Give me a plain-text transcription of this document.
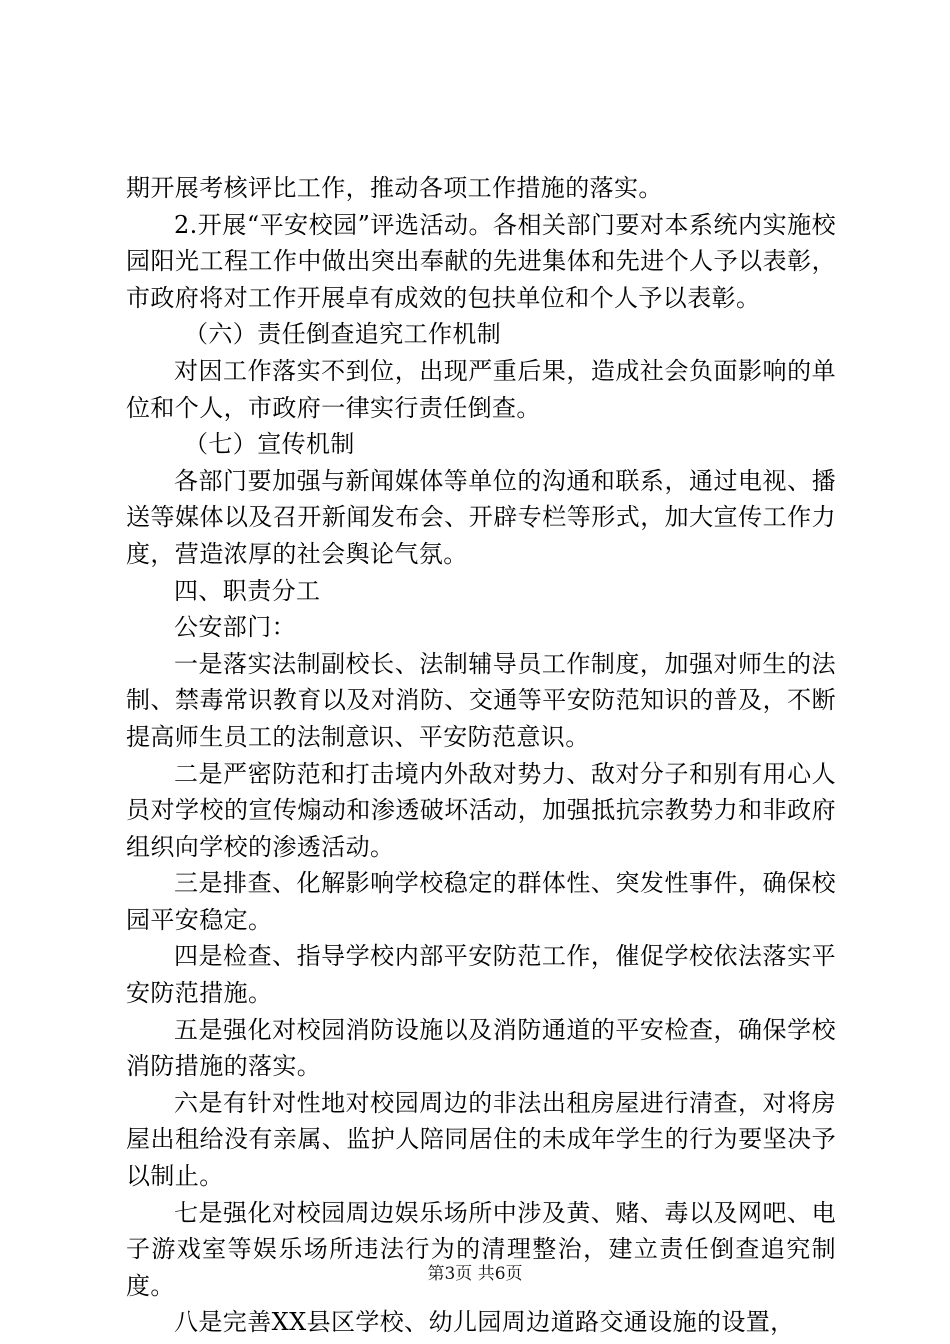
期开展考核评比工作，推动各项工作措施的落实。

2.开展“平安校园”评选活动。各相关部门要对本系统内实施校园阳光工程工作中做出突出奉献的先进集体和先进个人予以表彰，市政府将对工作开展卓有成效的包扶单位和个人予以表彰。

（六）责任倒查追究工作机制

对因工作落实不到位，出现严重后果，造成社会负面影响的单位和个人，市政府一律实行责任倒查。

（七）宣传机制

各部门要加强与新闻媒体等单位的沟通和联系，通过电视、播送等媒体以及召开新闻发布会、开辟专栏等形式，加大宣传工作力度，营造浓厚的社会舆论气氛。

四、职责分工

公安部门：

一是落实法制副校长、法制辅导员工作制度，加强对师生的法制、禁毒常识教育以及对消防、交通等平安防范知识的普及，不断提高师生员工的法制意识、平安防范意识。

二是严密防范和打击境内外敌对势力、敌对分子和别有用心人员对学校的宣传煽动和渗透破坏活动，加强抵抗宗教势力和非政府组织向学校的渗透活动。

三是排查、化解影响学校稳定的群体性、突发性事件，确保校园平安稳定。

四是检查、指导学校内部平安防范工作，催促学校依法落实平安防范措施。

五是强化对校园消防设施以及消防通道的平安检查，确保学校消防措施的落实。

六是有针对性地对校园周边的非法出租房屋进行清查，对将房屋出租给没有亲属、监护人陪同居住的未成年学生的行为要坚决予以制止。

七是强化对校园周边娱乐场所中涉及黄、赌、毒以及网吧、电子游戏室等娱乐场所违法行为的清理整治，建立责任倒查追究制度。

八是完善XX县区学校、幼儿园周边道路交通设施的设置，

第3页 共6页
